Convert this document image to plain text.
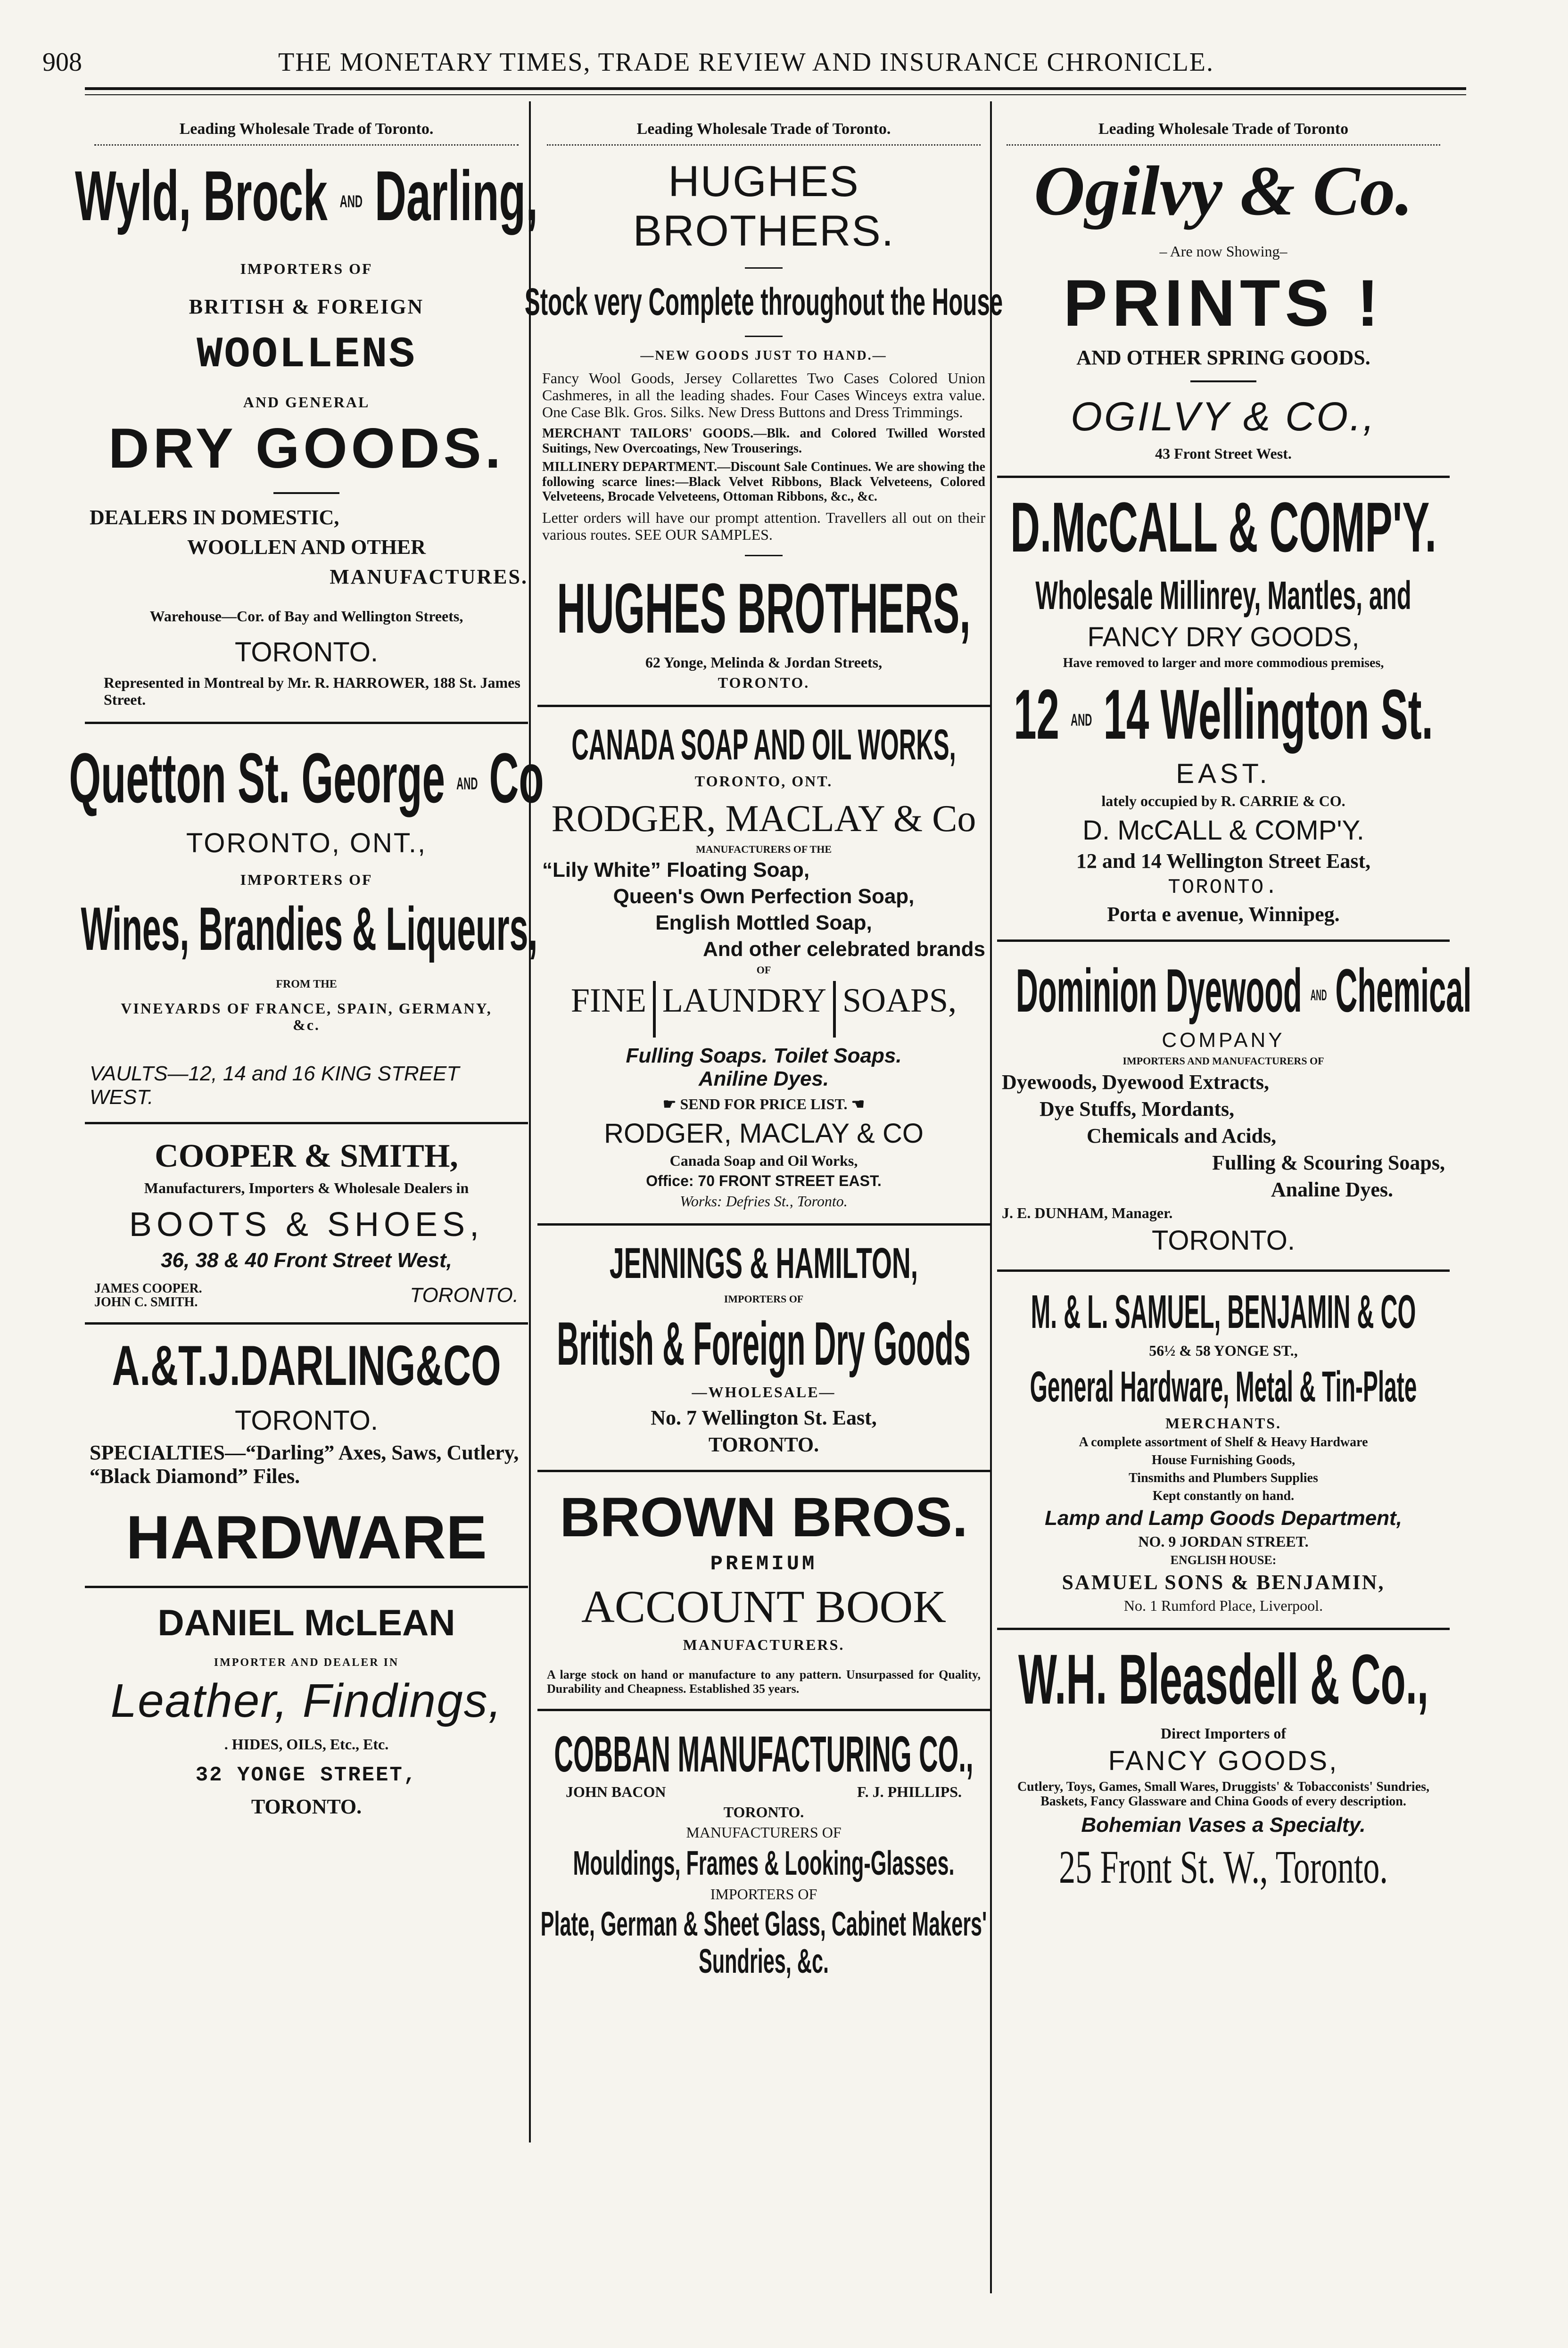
908	THE MONETARY TIMES, TRADE REVIEW AND INSURANCE CHRONICLE.
Leading Wholesale Trade of Toronto.
Wyld, Brock AND Darling,

IMPORTERS OF

BRITISH & FOREIGN

WOOLLENS

AND GENERAL

DRY GOODS.

DEALERS IN DOMESTIC,

WOOLLEN AND OTHER

MANUFACTURES.

Warehouse—Cor. of Bay and Wellington Streets,

TORONTO.

Represented in Montreal by Mr. R. HARROWER, 188 St. James Street.

Quetton St. George AND Co

TORONTO, ONT.,

IMPORTERS OF

Wines, Brandies & Liqueurs,

FROM THE

VINEYARDS OF FRANCE, SPAIN, GERMANY, &c.

VAULTS—12, 14 and 16 KING STREET WEST.

COOPER & SMITH,

Manufacturers, Importers & Wholesale Dealers in

BOOTS & SHOES,

36, 38 & 40 Front Street West,

JAMES COOPER.
JOHN C. SMITH.	TORONTO.
A.&T.J.DARLING&CO

TORONTO.

SPECIALTIES—“Darling” Axes, Saws, Cutlery, “Black Diamond” Files.

HARDWARE

DANIEL McLEAN

IMPORTER AND DEALER IN

Leather, Findings,

. HIDES, OILS, Etc., Etc.

32 YONGE STREET,

TORONTO.

Leading Wholesale Trade of Toronto.

HUGHES BROTHERS.

Stock very Complete throughout the House

—NEW GOODS JUST TO HAND.—

Fancy Wool Goods, Jersey Collarettes Two Cases Colored Union Cashmeres, in all the leading shades. Four Cases Winceys extra value. One Case Blk. Gros. Silks. New Dress Buttons and Dress Trimmings.

MERCHANT TAILORS' GOODS.—Blk. and Colored Twilled Worsted Suitings, New Overcoatings, New Trouserings.

MILLINERY DEPARTMENT.—Discount Sale Continues. We are showing the following scarce lines:—Black Velvet Ribbons, Black Velveteens, Colored Velveteens, Brocade Velveteens, Ottoman Ribbons, &c., &c.

Letter orders will have our prompt attention. Travellers all out on their various routes. SEE OUR SAMPLES.

HUGHES BROTHERS,

62 Yonge, Melinda & Jordan Streets,

TORONTO.

CANADA SOAP AND OIL WORKS,

TORONTO, ONT.

RODGER, MACLAY & Co

MANUFACTURERS OF THE

“Lily White” Floating Soap,

Queen's Own Perfection Soap,

English Mottled Soap,

And other celebrated brands

OF

FINE LAUNDRY SOAPS,

Fulling Soaps. Toilet Soaps. Aniline Dyes.

☛ SEND FOR PRICE LIST. ☚

RODGER, MACLAY & CO

Canada Soap and Oil Works,

Office: 70 FRONT STREET EAST.

Works: Defries St., Toronto.

JENNINGS & HAMILTON,

IMPORTERS OF

British & Foreign Dry Goods

—WHOLESALE—

No. 7 Wellington St. East,

TORONTO.

BROWN BROS.

PREMIUM

ACCOUNT BOOK

MANUFACTURERS.

A large stock on hand or manufacture to any pattern. Unsurpassed for Quality, Durability and Cheapness. Established 35 years.

COBBAN MANUFACTURING CO.,
JOHN BACON	F. J. PHILLIPS.

TORONTO.

MANUFACTURERS OF

Mouldings, Frames & Looking-Glasses.

IMPORTERS OF

Plate, German & Sheet Glass, Cabinet Makers' Sundries, &c.
Leading Wholesale Trade of Toronto

Ogilvy & Co.

– Are now Showing–

PRINTS !

AND OTHER SPRING GOODS.

OGILVY & CO.,

43 Front Street West.

D.McCALL & COMP'Y.
Wholesale Millinrey, Mantles, and

FANCY DRY GOODS,

Have removed to larger and more commodious premises,

12 AND 14 Wellington St.

EAST.

lately occupied by R. CARRIE & CO.

D. McCALL & COMP'Y.

12 and 14 Wellington Street East,

TORONTO.

Porta e avenue, Winnipeg.

Dominion Dyewood AND Chemical

COMPANY

IMPORTERS AND MANUFACTURERS OF

Dyewoods, Dyewood Extracts,

Dye Stuffs, Mordants,

Chemicals and Acids,

Fulling & Scouring Soaps,

Analine Dyes.

J. E. DUNHAM, Manager.

TORONTO.

M. & L. SAMUEL, BENJAMIN & CO

56½ & 58 YONGE ST.,

General Hardware, Metal & Tin-Plate

MERCHANTS.

A complete assortment of Shelf & Heavy Hardware

House Furnishing Goods,

Tinsmiths and Plumbers Supplies

Kept constantly on hand.

Lamp and Lamp Goods Department,

NO. 9 JORDAN STREET.

ENGLISH HOUSE:

SAMUEL SONS & BENJAMIN,

No. 1 Rumford Place, Liverpool.

W.H. Bleasdell & Co.,

Direct Importers of

FANCY GOODS,

Cutlery, Toys, Games, Small Wares, Druggists' & Tobacconists' Sundries, Baskets, Fancy Glassware and China Goods of every description.

Bohemian Vases a Specialty.

25 Front St. W., Toronto.
